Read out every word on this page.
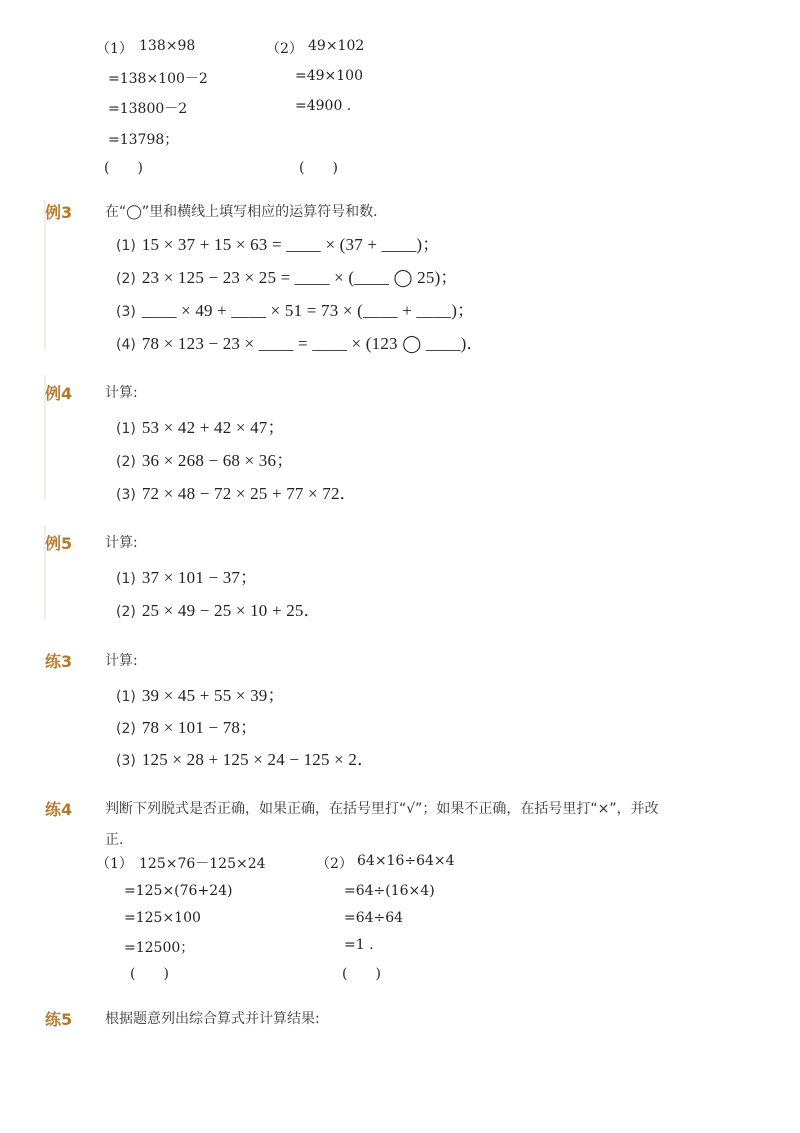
（1） 138×98
=138×100－2
=13800－2
=13798；
(　　)
（2） 49×102
=49×100
=4900 .
(　　)
例3 在“◯”里和横线上填写相应的运算符号和数．
(1) 15 × 37 + 15 × 63 = ____ × (37 + ____)；
(2) 23 × 125 − 23 × 25 = ____ × (____ ◯ 25)；
(3) ____ × 49 + ____ × 51 = 73 × (____ + ____)；
(4) 78 × 123 − 23 × ____ = ____ × (123 ◯ ____)．
例4 计算:
(1) 53 × 42 + 42 × 47；
(2) 36 × 268 − 68 × 36；
(3) 72 × 48 − 72 × 25 + 77 × 72．
例5 计算:
(1) 37 × 101 − 37；
(2) 25 × 49 − 25 × 10 + 25．
练3 计算:
(1) 39 × 45 + 55 × 39；
(2) 78 × 101 − 78；
(3) 125 × 28 + 125 × 24 − 125 × 2．
练4 判断下列脱式是否正确，如果正确，在括号里打“√”；如果不正确，在括号里打“×”，并改
正.
（1） 125×76－125×24
=125×(76+24)
=125×100
=12500；
(　　)
（2） 64×16÷64×4
=64÷(16×4)
=64÷64
=1 .
(　　)
练5 根据题意列出综合算式并计算结果:
